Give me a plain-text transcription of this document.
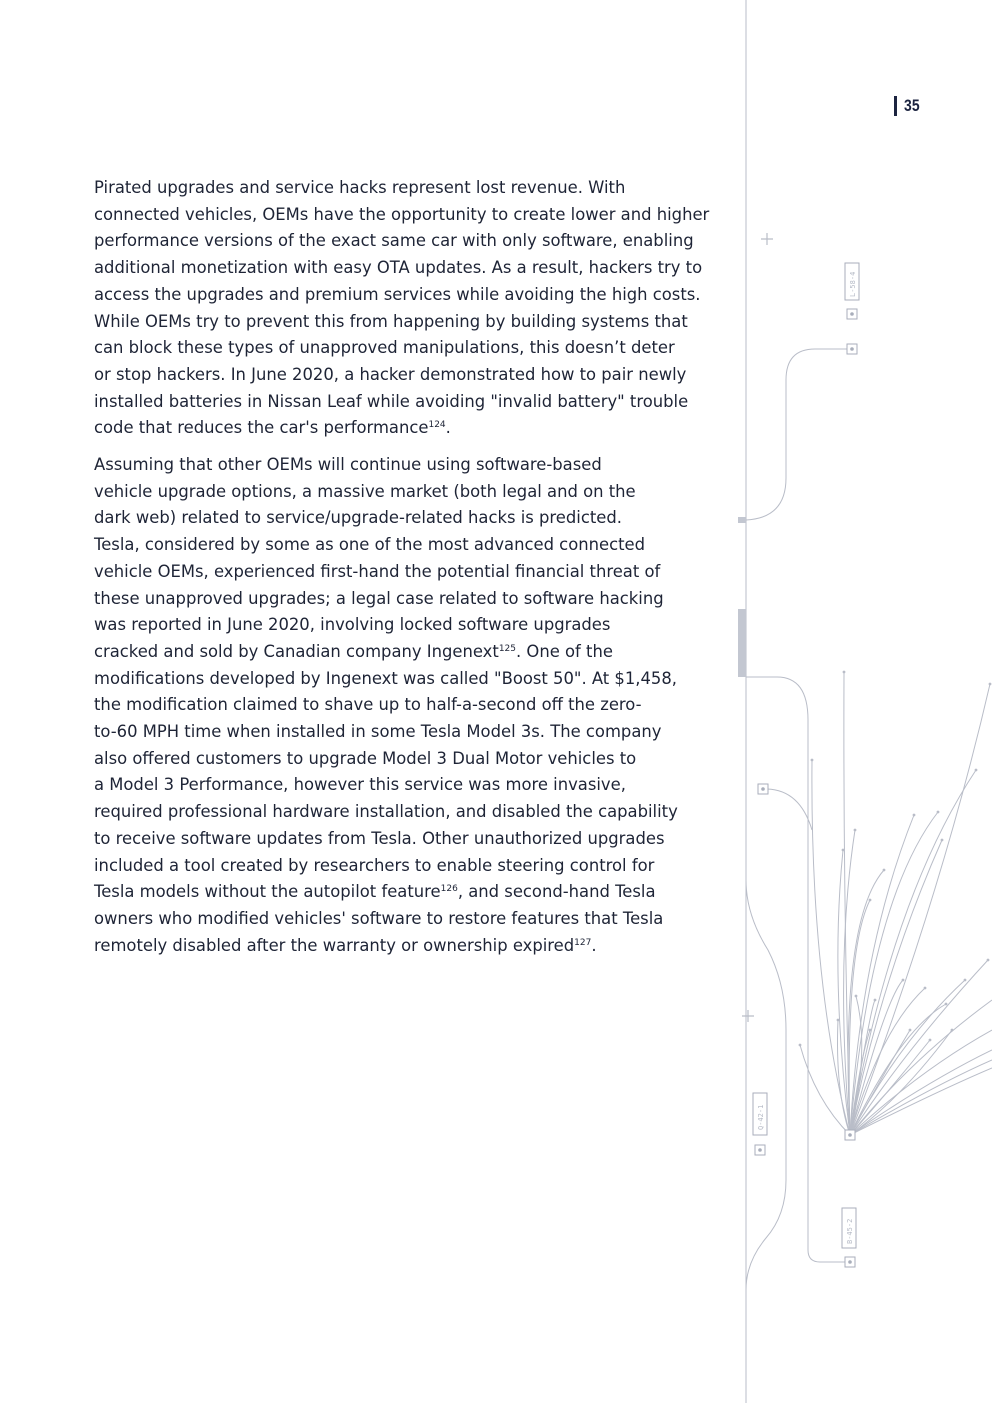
35

Pirated upgrades and service hacks represent lost revenue. With
connected vehicles, OEMs have the opportunity to create lower and higher
performance versions of the exact same car with only software, enabling
additional monetization with easy OTA updates. As a result, hackers try to
access the upgrades and premium services while avoiding the high costs.
While OEMs try to prevent this from happening by building systems that
can block these types of unapproved manipulations, this doesn’t deter
or stop hackers. In June 2020, a hacker demonstrated how to pair newly
installed batteries in Nissan Leaf while avoiding "invalid battery" trouble
code that reduces the car's performance$^{124}$.

Assuming that other OEMs will continue using software-based
vehicle upgrade options, a massive market (both legal and on the
dark web) related to service/upgrade-related hacks is predicted.
Tesla, considered by some as one of the most advanced connected
vehicle OEMs, experienced first-hand the potential financial threat of
these unapproved upgrades; a legal case related to software hacking
was reported in June 2020, involving locked software upgrades
cracked and sold by Canadian company Ingenext$^{125}$. One of the
modifications developed by Ingenext was called "Boost 50". At $1,458,
the modification claimed to shave up to half-a-second off the zero-
to-60 MPH time when installed in some Tesla Model 3s. The company
also offered customers to upgrade Model 3 Dual Motor vehicles to
a Model 3 Performance, however this service was more invasive,
required professional hardware installation, and disabled the capability
to receive software updates from Tesla. Other unauthorized upgrades
included a tool created by researchers to enable steering control for
Tesla models without the autopilot feature$^{126}$, and second-hand Tesla
owners who modified vehicles' software to restore features that Tesla
remotely disabled after the warranty or ownership expired$^{127}$.

L-58-4
Q-42-1
B-45-2
